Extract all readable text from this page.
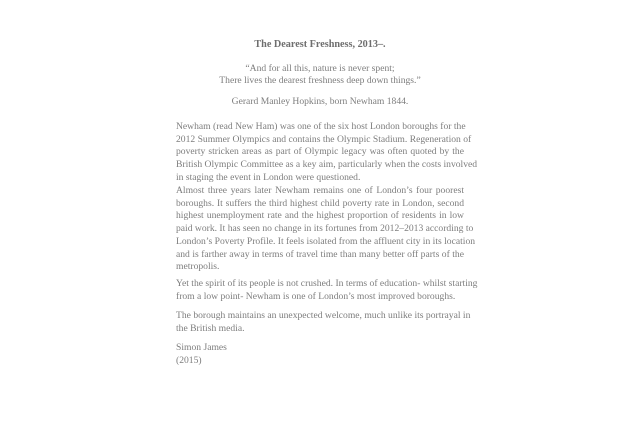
The Dearest Freshness, 2013–.

“And for all this, nature is never spent;
There lives the dearest freshness deep down things.”

Gerard Manley Hopkins, born Newham 1844.

Newham (read New Ham) was one of the six host London boroughs for the
2012 Summer Olympics and contains the Olympic Stadium. Regeneration of
poverty stricken areas as part of Olympic legacy was often quoted by the
British Olympic Committee as a key aim, particularly when the costs involved
in staging the event in London were questioned.

Almost three years later Newham remains one of London’s four poorest
boroughs. It suffers the third highest child poverty rate in London, second
highest unemployment rate and the highest proportion of residents in low
paid work. It has seen no change in its fortunes from 2012–2013 according to
London’s Poverty Profile. It feels isolated from the affluent city in its location
and is farther away in terms of travel time than many better off parts of the
metropolis.

Yet the spirit of its people is not crushed. In terms of education- whilst starting
from a low point- Newham is one of London’s most improved boroughs.

The borough maintains an unexpected welcome, much unlike its portrayal in
the British media.

Simon James
(2015)
